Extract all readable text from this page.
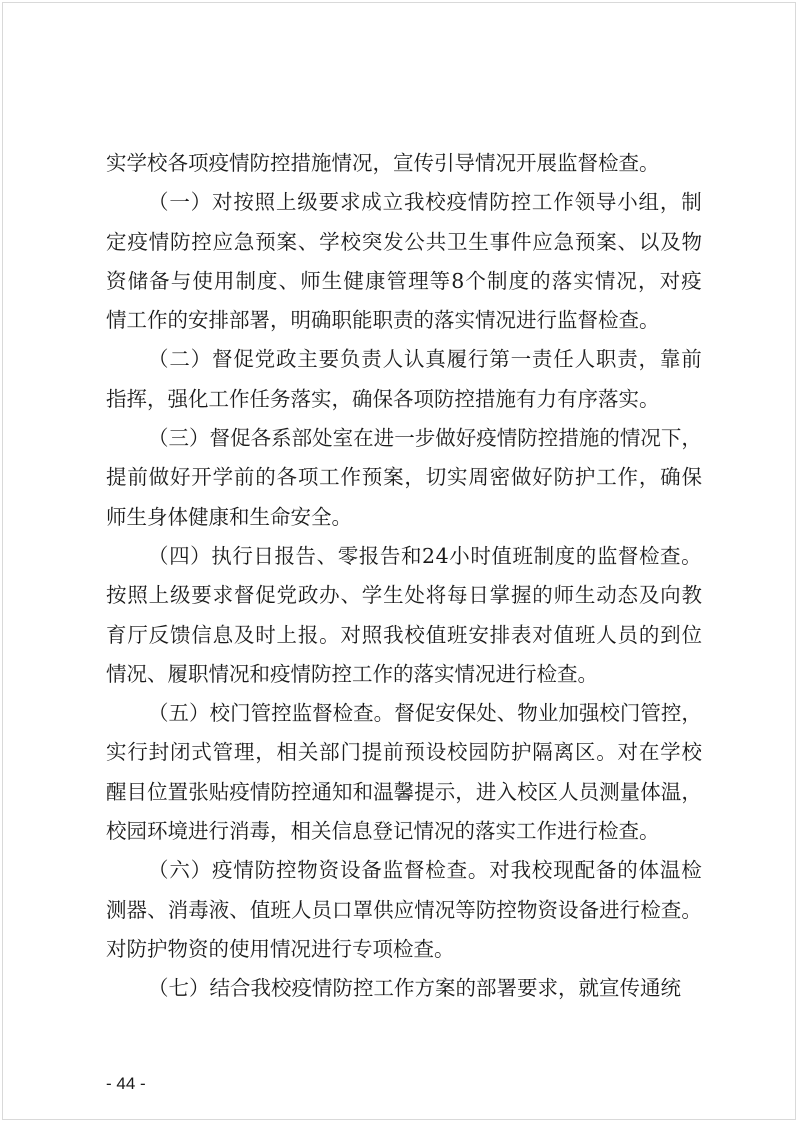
实学校各项疫情防控措施情况，宣传引导情况开展监督检查。
（ 一 ） 对 按 照 上 级 要 求 成 立 我 校 疫 情 防 控 工 作 领 导 小 组 ， 制
定 疫 情 防 控 应 急 预 案 、 学 校 突 发 公 共 卫 生 事 件 应 急 预 案 、 以 及 物
资 储 备 与 使 用 制 度 、 师 生 健 康 管 理 等 8 个 制 度 的 落 实 情 况 ， 对 疫
情工作的安排部署，明确职能职责的落实情况进行监督检查。
（ 二 ） 督 促 党 政 主 要 负 责 人 认 真 履 行 第 一 责 任 人 职 责 ， 靠 前
指挥，强化工作任务落实，确保各项防控措施有力有序落实。
（ 三 ） 督 促 各 系 部 处 室 在 进 一 步 做 好 疫 情 防 控 措 施 的 情 况 下 ，
提 前 做 好 开 学 前 的 各 项 工 作 预 案 ， 切 实 周 密 做 好 防 护 工 作 ， 确 保
师生身体健康和生命安全。
（ 四 ） 执 行 日 报 告 、 零 报 告 和 2 4 小 时 值 班 制 度 的 监 督 检 查 。
按 照 上 级 要 求 督 促 党 政 办 、 学 生 处 将 每 日 掌 握 的 师 生 动 态 及 向 教
育 厅 反 馈 信 息 及 时 上 报 。 对 照 我 校 值 班 安 排 表 对 值 班 人 员 的 到 位
情况、履职情况和疫情防控工作的落实情况进行检查。
（ 五 ） 校 门 管 控 监 督 检 查 。 督 促 安 保 处 、 物 业 加 强 校 门 管 控 ，
实 行 封 闭 式 管 理 ， 相 关 部 门 提 前 预 设 校 园 防 护 隔 离 区 。 对 在 学 校
醒 目 位 置 张 贴 疫 情 防 控 通 知 和 温 馨 提 示 ， 进 入 校 区 人 员 测 量 体 温 ，
校园环境进行消毒，相关信息登记情况的落实工作进行检查。
（ 六 ） 疫 情 防 控 物 资 设 备 监 督 检 查 。 对 我 校 现 配 备 的 体 温 检
测 器 、 消 毒 液 、 值 班 人 员 口 罩 供 应 情 况 等 防 控 物 资 设 备 进 行 检 查 。
对防护物资的使用情况进行专项检查。
（七）结合我校疫情防控工作方案的部署要求，就宣传通统
- 44 -
